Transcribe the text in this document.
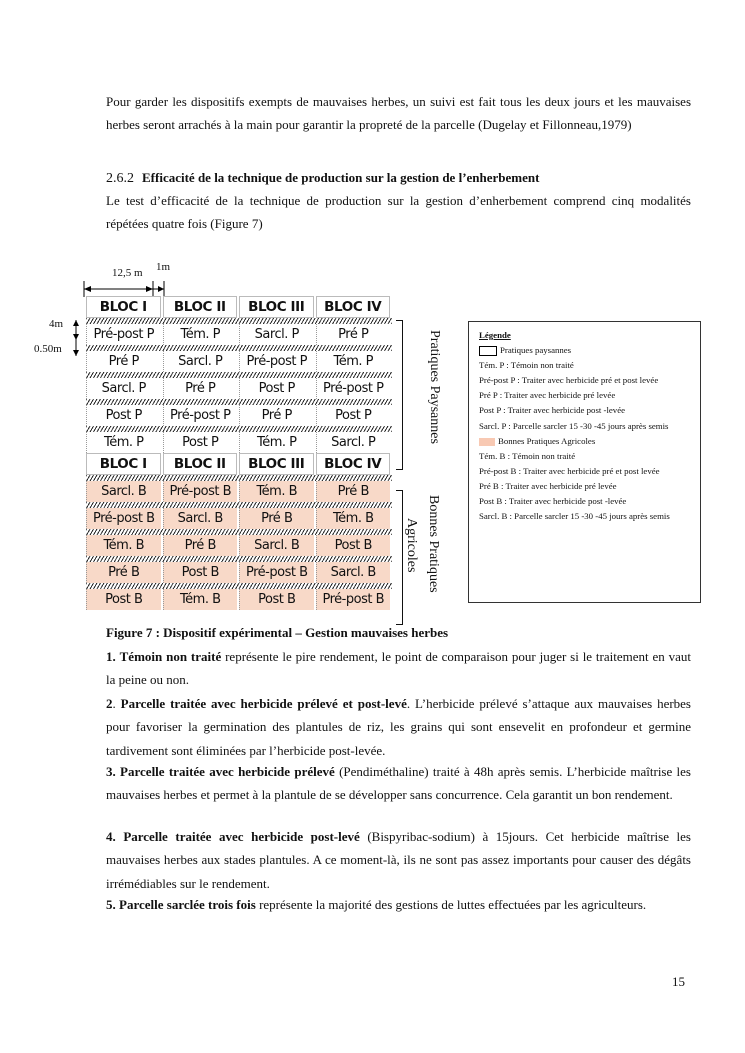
Pour garder les dispositifs exempts de mauvaises herbes, un suivi est fait tous les deux jours et les mauvaises herbes seront arrachés à la main pour garantir la propreté de la parcelle (Dugelay et Fillonneau,1979)
2.6.2 Efficacité de la technique de production sur la gestion de l’enherbement
Le test d’efficacité de la technique de production sur la gestion d’enherbement comprend cinq modalités répétées quatre fois (Figure 7)
12,5 m 1m
4m
0.50m
BLOC I	BLOC II	BLOC III	BLOC IV
Pré-post P	Tém. P	Sarcl. P	Pré P
Pré P	Sarcl. P	Pré-post P	Tém. P
Sarcl. P	Pré P	Post P	Pré-post P
Post P	Pré-post P	Pré P	Post P
Tém. P	Post P	Tém. P	Sarcl. P
BLOC I	BLOC II	BLOC III	BLOC IV
Sarcl. B	Pré-post B	Tém. B	Pré B
Pré-post B	Sarcl. B	Pré B	Tém. B
Tém. B	Pré B	Sarcl. B	Post B
Pré B	Post B	Pré-post B	Sarcl. B
Post B	Tém. B	Post B	Pré-post B
Pratiques Paysannes
Bonnes Pratiques
Agricoles
Légende
Pratiques paysannes
Tém. P : Témoin non traité
Pré-post P : Traiter avec herbicide pré et post levée
Pré P : Traiter avec herbicide pré levée
Post P : Traiter avec herbicide post -levée
Sarcl. P : Parcelle sarcler 15 -30 -45 jours après semis
Bonnes Pratiques Agricoles
Tém. B : Témoin non traité
Pré-post B : Traiter avec herbicide pré et post levée
Pré B : Traiter avec herbicide pré levée
Post B : Traiter avec herbicide post -levée
Sarcl. B : Parcelle sarcler 15 -30 -45 jours après semis
Figure 7 : Dispositif expérimental – Gestion mauvaises herbes
1. Témoin non traité représente le pire rendement, le point de comparaison pour juger si le traitement en vaut la peine ou non.
2. Parcelle traitée avec herbicide prélevé et post-levé. L’herbicide prélevé s’attaque aux mauvaises herbes pour favoriser la germination des plantules de riz, les grains qui sont ensevelit en profondeur et germine tardivement sont éliminées par l’herbicide post-levée.
3. Parcelle traitée avec herbicide prélevé (Pendiméthaline) traité à 48h après semis. L’herbicide maîtrise les mauvaises herbes et permet à la plantule de se développer sans concurrence. Cela garantit un bon rendement.
4. Parcelle traitée avec herbicide post-levé (Bispyribac-sodium) à 15jours. Cet herbicide maîtrise les mauvaises herbes aux stades plantules. A ce moment-là, ils ne sont pas assez importants pour causer des dégâts irrémédiables sur le rendement.
5. Parcelle sarclée trois fois représente la majorité des gestions de luttes effectuées par les agriculteurs.
15
